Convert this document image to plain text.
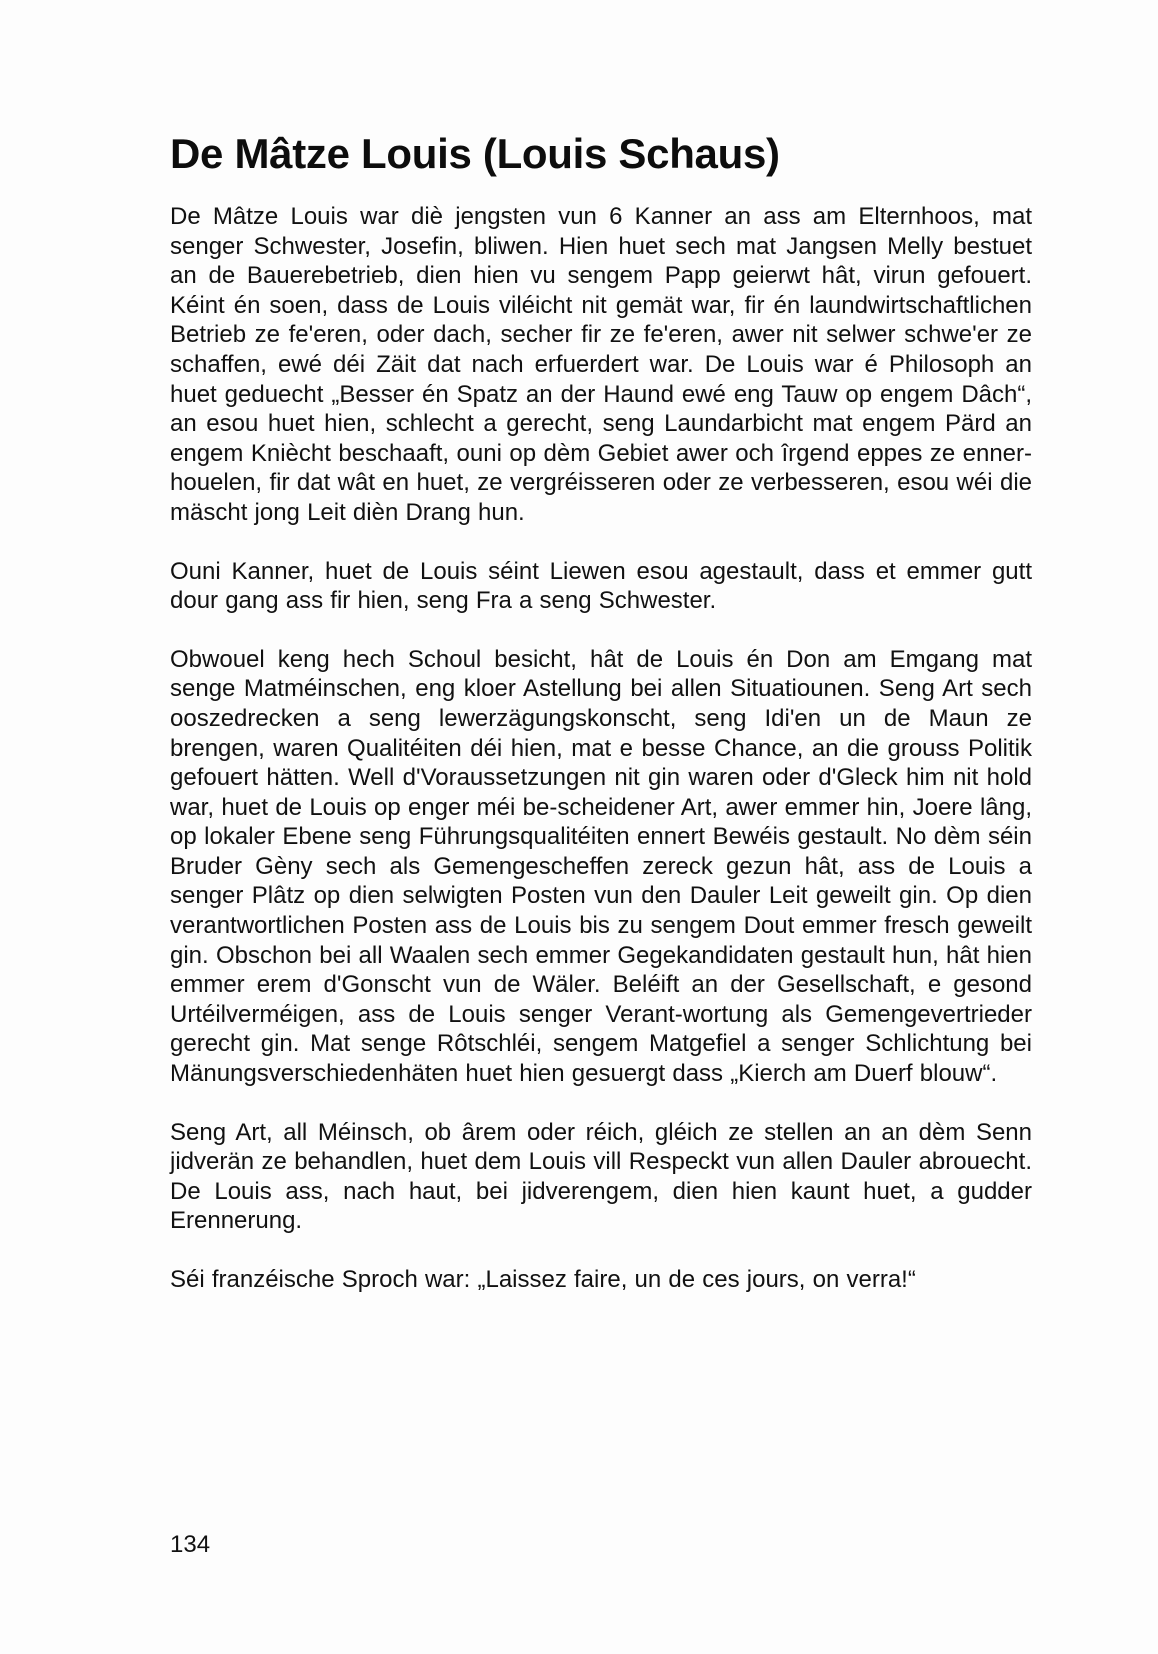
De Mâtze Louis (Louis Schaus)

De Mâtze Louis war diè jengsten vun 6 Kanner an ass am Elternhoos, mat senger Schwester, Josefin, bliwen. Hien huet sech mat Jangsen Melly bestuet an de Bauerebetrieb, dien hien vu sengem Papp geierwt hât, virun gefouert. Kéint én soen, dass de Louis viléicht nit gemät war, fir én laundwirtschaftlichen Betrieb ze fe'eren, oder dach, secher fir ze fe'eren, awer nit selwer schwe'er ze schaffen, ewé déi Zäit dat nach erfuerdert war. De Louis war é Philosoph an huet geduecht „Besser én Spatz an der Haund ewé eng Tauw op engem Dâch“, an esou huet hien, schlecht a gerecht, seng Laundarbicht mat engem Pärd an engem Kniècht beschaaft, ouni op dèm Gebiet awer och îrgend eppes ze enner-houelen, fir dat wât en huet, ze vergréisseren oder ze verbesseren, esou wéi die mäscht jong Leit dièn Drang hun.

Ouni Kanner, huet de Louis séint Liewen esou agestault, dass et emmer gutt dour gang ass fir hien, seng Fra a seng Schwester.

Obwouel keng hech Schoul besicht, hât de Louis én Don am Emgang mat senge Matméinschen, eng kloer Astellung bei allen Situatiounen. Seng Art sech ooszedrecken a seng lewerzägungskonscht, seng Idi'en un de Maun ze brengen, waren Qualitéiten déi hien, mat e besse Chance, an die grouss Politik gefouert hätten. Well d'Voraussetzungen nit gin waren oder d'Gleck him nit hold war, huet de Louis op enger méi be-scheidener Art, awer emmer hin, Joere lâng, op lokaler Ebene seng Führungsqualitéiten ennert Bewéis gestault. No dèm séin Bruder Gèny sech als Gemengescheffen zereck gezun hât, ass de Louis a senger Plâtz op dien selwigten Posten vun den Dauler Leit geweilt gin. Op dien verantwortlichen Posten ass de Louis bis zu sengem Dout emmer fresch geweilt gin. Obschon bei all Waalen sech emmer Gegekandidaten gestault hun, hât hien emmer erem d'Gonscht vun de Wäler. Beléift an der Gesellschaft, e gesond Urtéilverméigen, ass de Louis senger Verant-wortung als Gemengevertrieder gerecht gin. Mat senge Rôtschléi, sengem Matgefiel a senger Schlichtung bei Mänungsverschiedenhäten huet hien gesuergt dass „Kierch am Duerf blouw“.

Seng Art, all Méinsch, ob ârem oder réich, gléich ze stellen an an dèm Senn jidverän ze behandlen, huet dem Louis vill Respeckt vun allen Dauler abrouecht. De Louis ass, nach haut, bei jidverengem, dien hien kaunt huet, a gudder Erennerung.

Séi franzéische Sproch war: „Laissez faire, un de ces jours, on verra!“

134
